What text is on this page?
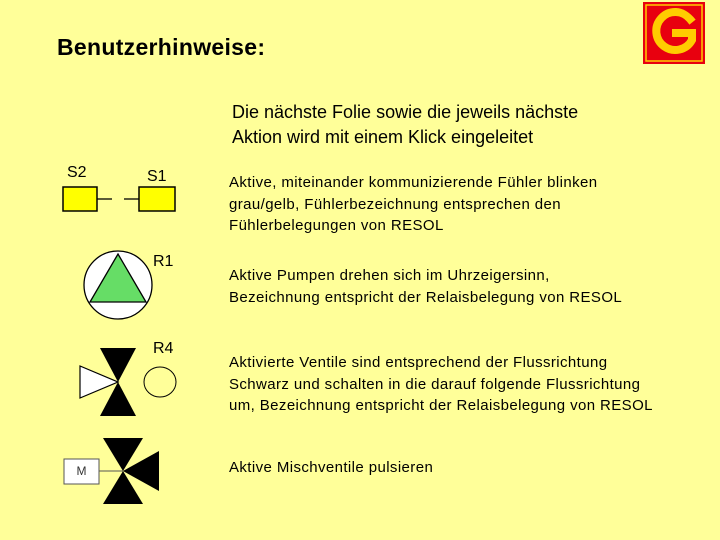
Benutzerhinweise:
Die nächste Folie sowie die jeweils nächste
Aktion wird mit einem Klick eingeleitet
S2	S1
M
R1
R4
Aktive, miteinander kommunizierende Fühler blinken
grau/gelb, Fühlerbezeichnung entsprechen den
Fühlerbelegungen von RESOL
Aktive Pumpen drehen sich im Uhrzeigersinn,
Bezeichnung entspricht der Relaisbelegung von RESOL
Aktivierte Ventile sind entsprechend der Flussrichtung
Schwarz und schalten in die darauf folgende Flussrichtung
um, Bezeichnung entspricht der Relaisbelegung von RESOL
Aktive Mischventile pulsieren
